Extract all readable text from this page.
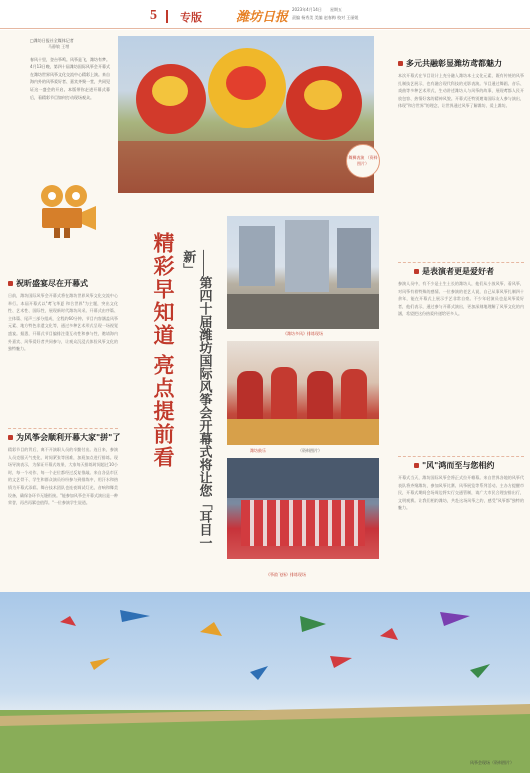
5 专版	潍坊日报 2023年4月14日 星期五
责编 杨秀美 美编 赵春梅 校对 王丽媛
□潍坊日报社全媒体记者
马静敏 王增
春风十里，登台筝鸣。风筝是飞，潍坊有梦。4月13日晚，第四十届潍坊国际风筝会开幕式在潍坊世界风筝文化交流中心精彩上演。来自海内外的风筝爱好者、嘉宾齐聚一堂，共同见证这一盛会的开启。本版带你走进开幕式幕后，看精彩节目如何打动现场观众。
舞狮表演 （资料图片）
精彩早知道 亮点提前看	——第四十届潍坊国际风筝会开幕式将让您「耳目一新」
祝昕盛宴尽在开幕式
日前，潍坊国际风筝会开幕式将在潍坊世界风筝文化交流中心举行。本届开幕式以"鸢飞华夏 和合世界"为主题，突出文化性、艺术性、国际性，展现新时代潍坊风采。开幕式由序篇、主体篇、尾声三部分组成，全程约60分钟。节目内容涵盖风筝元素、地方特色非遗文化等，通过多种艺术形式呈现一场视觉盛宴。据悉，开幕式节目编排注重互动性和参与性，邀请海内外嘉宾、风筝爱好者共同参与，让观众沉浸式体验风筝文化的独特魅力。
为风筝会顺利开幕大家"拼"了
精彩节目的背后，离不开演职人员的辛勤付出。连日来，参演人员克服天气变化、时间紧张等困难，加班加点进行排练。现场导演表示，为保证开幕式效果，大家每天排练时间超过10小时，每一个动作、每一个走位都经过反复推敲。来自各县市区的文艺骨干、学生和群众演员纷纷参与到排练中，用汗水和热情为开幕式添彩。舞台技术团队也连夜调试灯光、音响和舞美设备，确保各环节无缝衔接。"能参加风筝会开幕式演出是一种荣誉，再苦再累也值得。"一位参演学生说道。
《潍坊多风》排练现场
潍坊鼓乐	（资料图片）
《筝韵飞扬》排练现场
多元共融彰显潍坊鸢都魅力
本次开幕式在节目设计上充分融入潍坊本土文化元素，既有传统的风筝扎制技艺展示，也有融合现代科技的光影表演。节目通过舞蹈、音乐、戏曲等多种艺术形式，生动讲述潍坊人与风筝的故事，展现鸢都人民开放包容、热情好客的精神风貌。开幕式还特别邀请国际友人参与演出，体现"和合世界"的理念，让世界通过风筝了解潍坊、爱上潍坊。
是表演者更是爱好者
参演人员中，有不少是土生土长的潍坊人，他们从小放风筝、看风筝，对风筝有着特殊的感情。一位参演的老艺人说，自己从事风筝扎制四十余年，能在开幕式上展示手艺非常自豪。不少年轻演员也是风筝爱好者，他们表示，通过参与开幕式演出，更加深刻地理解了风筝文化的内涵，希望把这份热爱传递给更多人。
"风"鸿而至与您相约
开幕式当天，潍坊国际风筝会将正式拉开帷幕。来自世界各地的风筝代表队将齐聚潍坊，参加风筝比赛、风筝展览等系列活动。主办方提醒市民，开幕式期间会场周边将实行交通管制，请广大市民合理安排出行，文明观赛。让我们相约潍坊，共赴这场风筝之约，感受"风筝都"独特的魅力。
风筝会现场（资料图片）
